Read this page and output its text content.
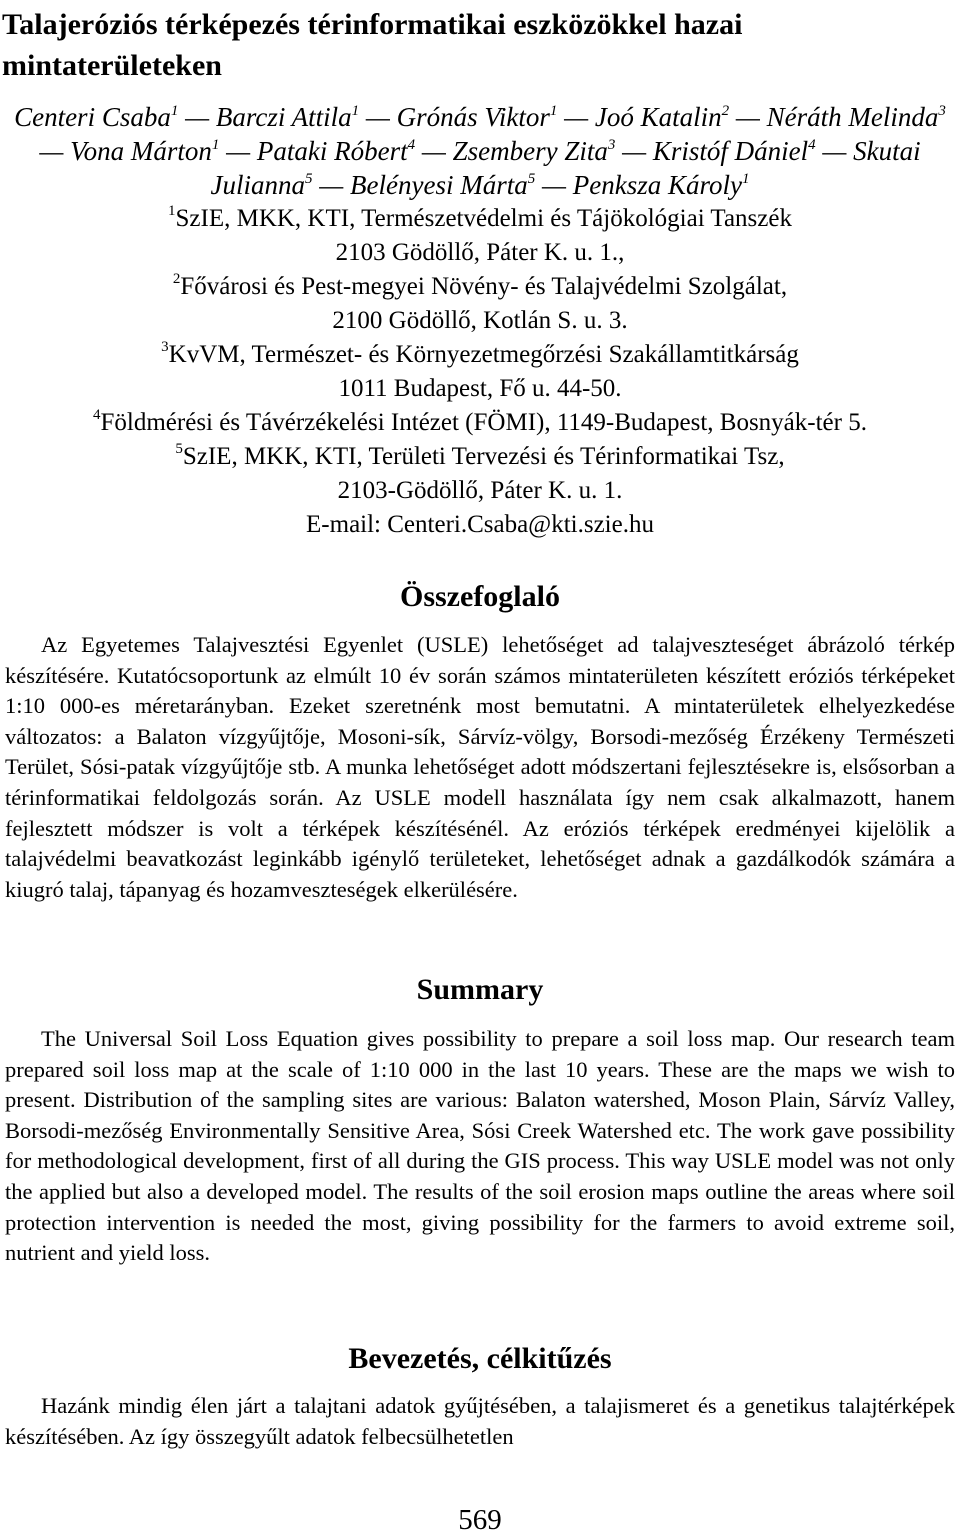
Talajeróziós térképezés térinformatikai eszközökkel hazai mintaterületeken
Centeri Csaba$^1$ — Barczi Attila$^1$ — Grónás Viktor$^1$ — Joó Katalin$^2$ — Néráth Melinda$^3$ — Vona Márton$^1$ — Pataki Róbert$^4$ — Zsembery Zita$^3$ — Kristóf Dániel$^4$ — Skutai Julianna$^5$ — Belényesi Márta$^5$ — Penksza Károly$^1$
$^1$SzIE, MKK, KTI, Természetvédelmi és Tájökológiai Tanszék
2103 Gödöllő, Páter K. u. 1.,
$^2$Fővárosi és Pest-megyei Növény- és Talajvédelmi Szolgálat,
2100 Gödöllő, Kotlán S. u. 3.
$^3$KvVM, Természet- és Környezetmegőrzési Szakállamtitkárság
1011 Budapest, Fő u. 44-50.
$^4$Földmérési és Távérzékelési Intézet (FÖMI), 1149-Budapest, Bosnyák-tér 5.
$^5$SzIE, MKK, KTI, Területi Tervezési és Térinformatikai Tsz,
2103-Gödöllő, Páter K. u. 1.
E-mail: Centeri.Csaba@kti.szie.hu
Összefoglaló

Az Egyetemes Talajvesztési Egyenlet (USLE) lehetőséget ad talajveszteséget ábrázoló térkép készítésére. Kutatócsoportunk az elmúlt 10 év során számos mintaterületen készített eróziós térképeket 1:10 000-es méretarányban. Ezeket szeretnénk most bemutatni. A mintaterületek elhelyezkedése változatos: a Balaton vízgyűjtője, Mosoni-sík, Sárvíz-völgy, Borsodi-mezőség Érzékeny Természeti Terület, Sósi-patak vízgyűjtője stb. A munka lehetőséget adott módszertani fejlesztésekre is, elsősorban a térinformatikai feldolgozás során. Az USLE modell használata így nem csak alkalmazott, hanem fejlesztett módszer is volt a térképek készítésénél. Az eróziós térképek eredményei kijelölik a talajvédelmi beavatkozást leginkább igénylő területeket, lehetőséget adnak a gazdálkodók számára a kiugró talaj, tápanyag és hozamveszteségek elkerülésére.

Summary

The Universal Soil Loss Equation gives possibility to prepare a soil loss map. Our research team prepared soil loss map at the scale of 1:10 000 in the last 10 years. These are the maps we wish to present. Distribution of the sampling sites are various: Balaton watershed, Moson Plain, Sárvíz Valley, Borsodi-mezőség Environmentally Sensitive Area, Sósi Creek Watershed etc. The work gave possibility for methodological development, first of all during the GIS process. This way USLE model was not only the applied but also a developed model. The results of the soil erosion maps outline the areas where soil protection intervention is needed the most, giving possibility for the farmers to avoid extreme soil, nutrient and yield loss.

Bevezetés, célkitűzés

Hazánk mindig élen járt a talajtani adatok gyűjtésében, a talajismeret és a genetikus talajtérképek készítésében. Az így összegyűlt adatok felbecsülhetetlen

569
